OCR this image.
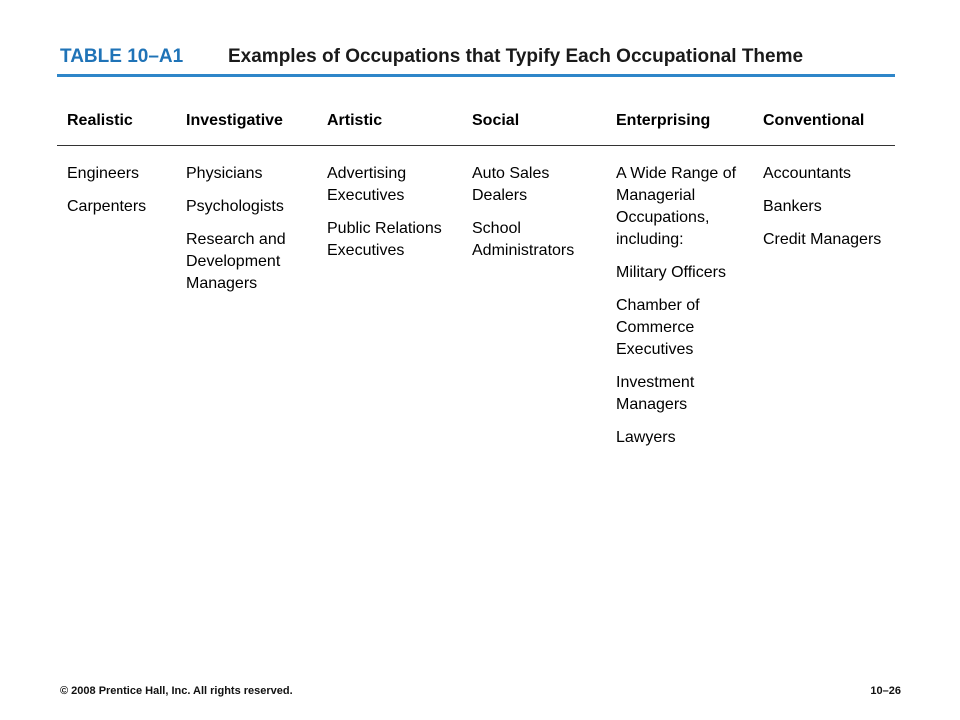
TABLE 10–A1 Examples of Occupations that Typify Each Occupational Theme
Realistic
Engineers
Carpenters
Investigative
Physicians
Psychologists
Research and Development Managers
Artistic
Advertising Executives
Public Relations Executives
Social
Auto Sales Dealers
School Administrators
Enterprising
A Wide Range of Managerial Occupations, including:
Military Officers
Chamber of Commerce Executives
Investment Managers
Lawyers
Conventional
Accountants
Bankers
Credit Managers
© 2008 Prentice Hall, Inc. All rights reserved.	10–26
